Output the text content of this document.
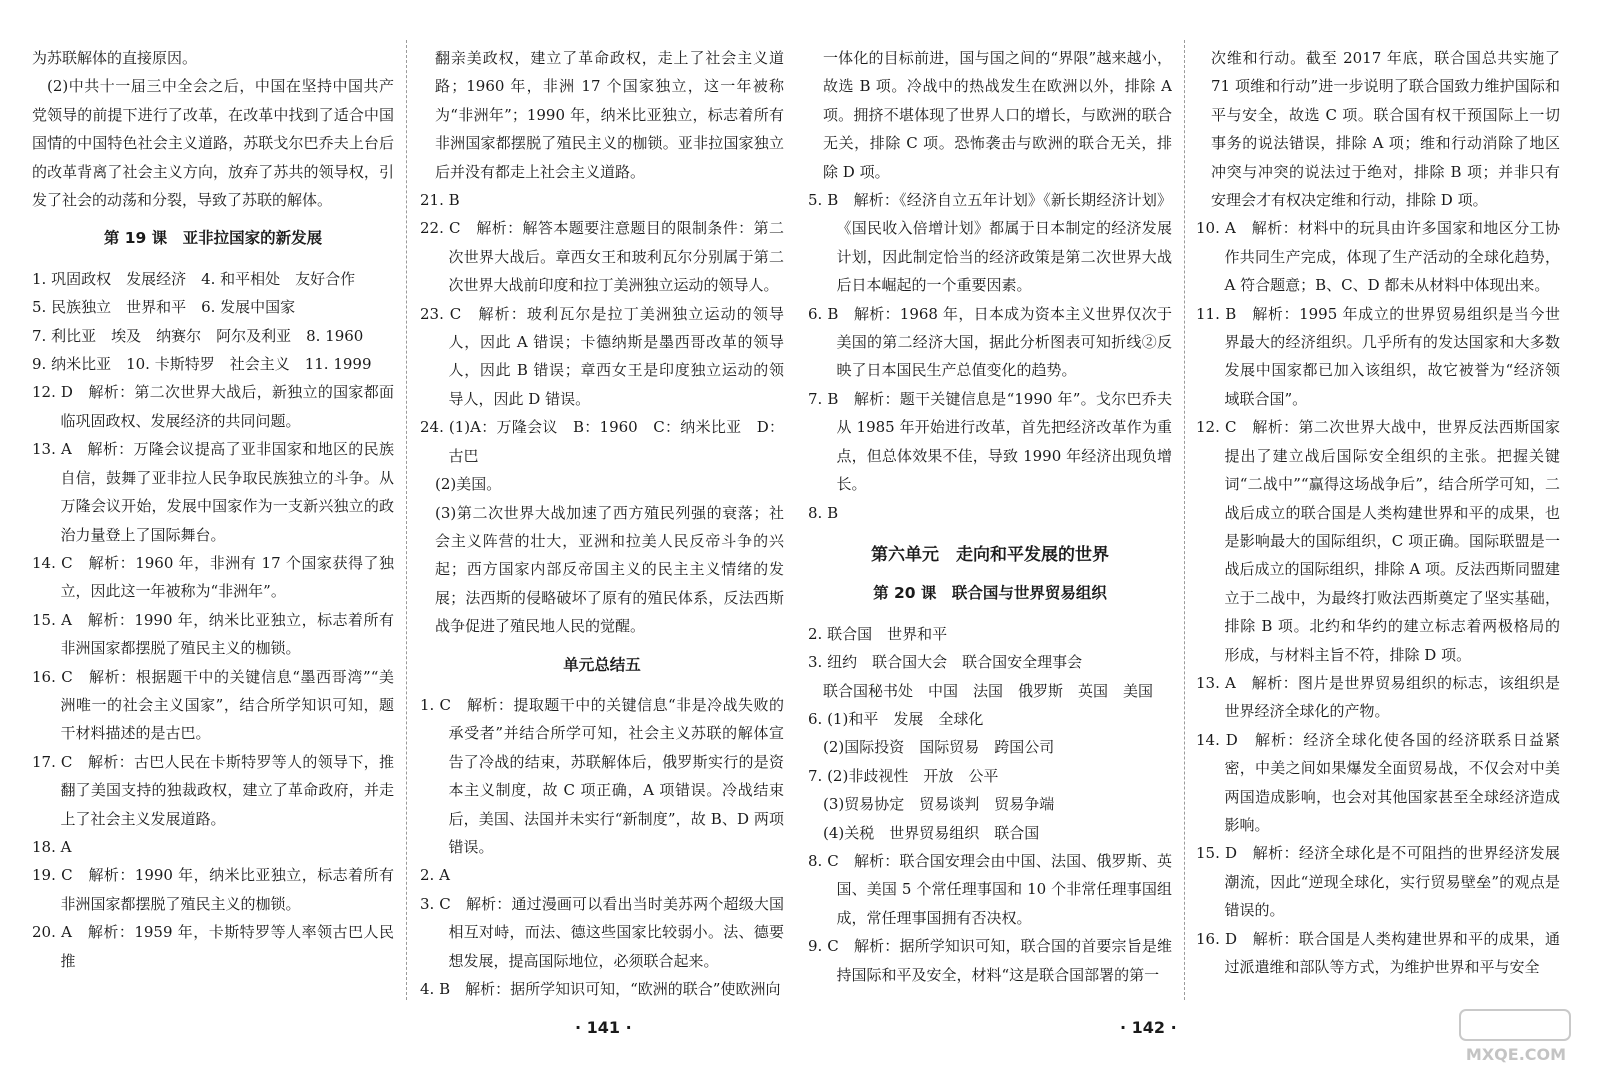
为苏联解体的直接原因。
(2)中共十一届三中全会之后，中国在坚持中国共产党领导的前提下进行了改革，在改革中找到了适合中国国情的中国特色社会主义道路，苏联戈尔巴乔夫上台后的改革背离了社会主义方向，放弃了苏共的领导权，引发了社会的动荡和分裂，导致了苏联的解体。
第 19 课　亚非拉国家的新发展
1. 巩固政权　发展经济　4. 和平相处　友好合作
5. 民族独立　世界和平　6. 发展中国家
7. 利比亚　埃及　纳赛尔　阿尔及利亚　8. 1960
9. 纳米比亚　10. 卡斯特罗　社会主义　11. 1999
12. D　解析：第二次世界大战后，新独立的国家都面临巩固政权、发展经济的共同问题。
13. A　解析：万隆会议提高了亚非国家和地区的民族自信，鼓舞了亚非拉人民争取民族独立的斗争。从万隆会议开始，发展中国家作为一支新兴独立的政治力量登上了国际舞台。
14. C　解析：1960 年，非洲有 17 个国家获得了独立，因此这一年被称为“非洲年”。
15. A　解析：1990 年，纳米比亚独立，标志着所有非洲国家都摆脱了殖民主义的枷锁。
16. C　解析：根据题干中的关键信息“墨西哥湾”“美洲唯一的社会主义国家”，结合所学知识可知，题干材料描述的是古巴。
17. C　解析：古巴人民在卡斯特罗等人的领导下，推翻了美国支持的独裁政权，建立了革命政府，并走上了社会主义发展道路。
18. A
19. C　解析：1990 年，纳米比亚独立，标志着所有非洲国家都摆脱了殖民主义的枷锁。
20. A　解析：1959 年，卡斯特罗等人率领古巴人民推
翻亲美政权，建立了革命政权，走上了社会主义道路；1960 年，非洲 17 个国家独立，这一年被称为“非洲年”；1990 年，纳米比亚独立，标志着所有非洲国家都摆脱了殖民主义的枷锁。亚非拉国家独立后并没有都走上社会主义道路。
21. B
22. C　解析：解答本题要注意题目的限制条件：第二次世界大战后。章西女王和玻利瓦尔分别属于第二次世界大战前印度和拉丁美洲独立运动的领导人。
23. C　解析：玻利瓦尔是拉丁美洲独立运动的领导人，因此 A 错误；卡德纳斯是墨西哥改革的领导人，因此 B 错误；章西女王是印度独立运动的领导人，因此 D 错误。
24. (1)A：万隆会议　B：1960　C：纳米比亚　D：古巴
(2)美国。
(3)第二次世界大战加速了西方殖民列强的衰落；社会主义阵营的壮大，亚洲和拉美人民反帝斗争的兴起；西方国家内部反帝国主义的民主主义情绪的发展；法西斯的侵略破坏了原有的殖民体系，反法西斯战争促进了殖民地人民的觉醒。
单元总结五
1. C　解析：提取题干中的关键信息“非是冷战失败的承受者”并结合所学可知，社会主义苏联的解体宣告了冷战的结束，苏联解体后，俄罗斯实行的是资本主义制度，故 C 项正确，A 项错误。冷战结束后，美国、法国并未实行“新制度”，故 B、D 两项错误。
2. A
3. C　解析：通过漫画可以看出当时美苏两个超级大国相互对峙，而法、德这些国家比较弱小。法、德要想发展，提高国际地位，必须联合起来。
4. B　解析：据所学知识可知，“欧洲的联合”使欧洲向
一体化的目标前进，国与国之间的“界限”越来越小，故选 B 项。冷战中的热战发生在欧洲以外，排除 A 项。拥挤不堪体现了世界人口的增长，与欧洲的联合无关，排除 C 项。恐怖袭击与欧洲的联合无关，排除 D 项。
5. B　解析：《经济自立五年计划》《新长期经济计划》《国民收入倍增计划》都属于日本制定的经济发展计划，因此制定恰当的经济政策是第二次世界大战后日本崛起的一个重要因素。
6. B　解析：1968 年，日本成为资本主义世界仅次于美国的第二经济大国，据此分析图表可知折线②反映了日本国民生产总值变化的趋势。
7. B　解析：题干关键信息是“1990 年”。戈尔巴乔夫从 1985 年开始进行改革，首先把经济改革作为重点，但总体效果不佳，导致 1990 年经济出现负增长。
8. B
第六单元　走向和平发展的世界
第 20 课　联合国与世界贸易组织
2. 联合国　世界和平
3. 纽约　联合国大会　联合国安全理事会
联合国秘书处　中国　法国　俄罗斯　英国　美国
6. (1)和平　发展　全球化
(2)国际投资　国际贸易　跨国公司
7. (2)非歧视性　开放　公平
(3)贸易协定　贸易谈判　贸易争端
(4)关税　世界贸易组织　联合国
8. C　解析：联合国安理会由中国、法国、俄罗斯、英国、美国 5 个常任理事国和 10 个非常任理事国组成，常任理事国拥有否决权。
9. C　解析：据所学知识可知，联合国的首要宗旨是维持国际和平及安全，材料“这是联合国部署的第一
次维和行动。截至 2017 年底，联合国总共实施了 71 项维和行动”进一步说明了联合国致力维护国际和平与安全，故选 C 项。联合国有权干预国际上一切事务的说法错误，排除 A 项；维和行动消除了地区冲突与冲突的说法过于绝对，排除 B 项；并非只有安理会才有权决定维和行动，排除 D 项。
10. A　解析：材料中的玩具由许多国家和地区分工协作共同生产完成，体现了生产活动的全球化趋势，A 符合题意；B、C、D 都未从材料中体现出来。
11. B　解析：1995 年成立的世界贸易组织是当今世界最大的经济组织。几乎所有的发达国家和大多数发展中国家都已加入该组织，故它被誉为“经济领域联合国”。
12. C　解析：第二次世界大战中，世界反法西斯国家提出了建立战后国际安全组织的主张。把握关键词“二战中”“赢得这场战争后”，结合所学可知，二战后成立的联合国是人类构建世界和平的成果，也是影响最大的国际组织，C 项正确。国际联盟是一战后成立的国际组织，排除 A 项。反法西斯同盟建立于二战中，为最终打败法西斯奠定了坚实基础，排除 B 项。北约和华约的建立标志着两极格局的形成，与材料主旨不符，排除 D 项。
13. A　解析：图片是世界贸易组织的标志，该组织是世界经济全球化的产物。
14. D　解析：经济全球化使各国的经济联系日益紧密，中美之间如果爆发全面贸易战，不仅会对中美两国造成影响，也会对其他国家甚至全球经济造成影响。
15. D　解析：经济全球化是不可阻挡的世界经济发展潮流，因此“逆现全球化，实行贸易壁垒”的观点是错误的。
16. D　解析：联合国是人类构建世界和平的成果，通过派遣维和部队等方式，为维护世界和平与安全
· 141 ·	· 142 ·
MXQE.COM
